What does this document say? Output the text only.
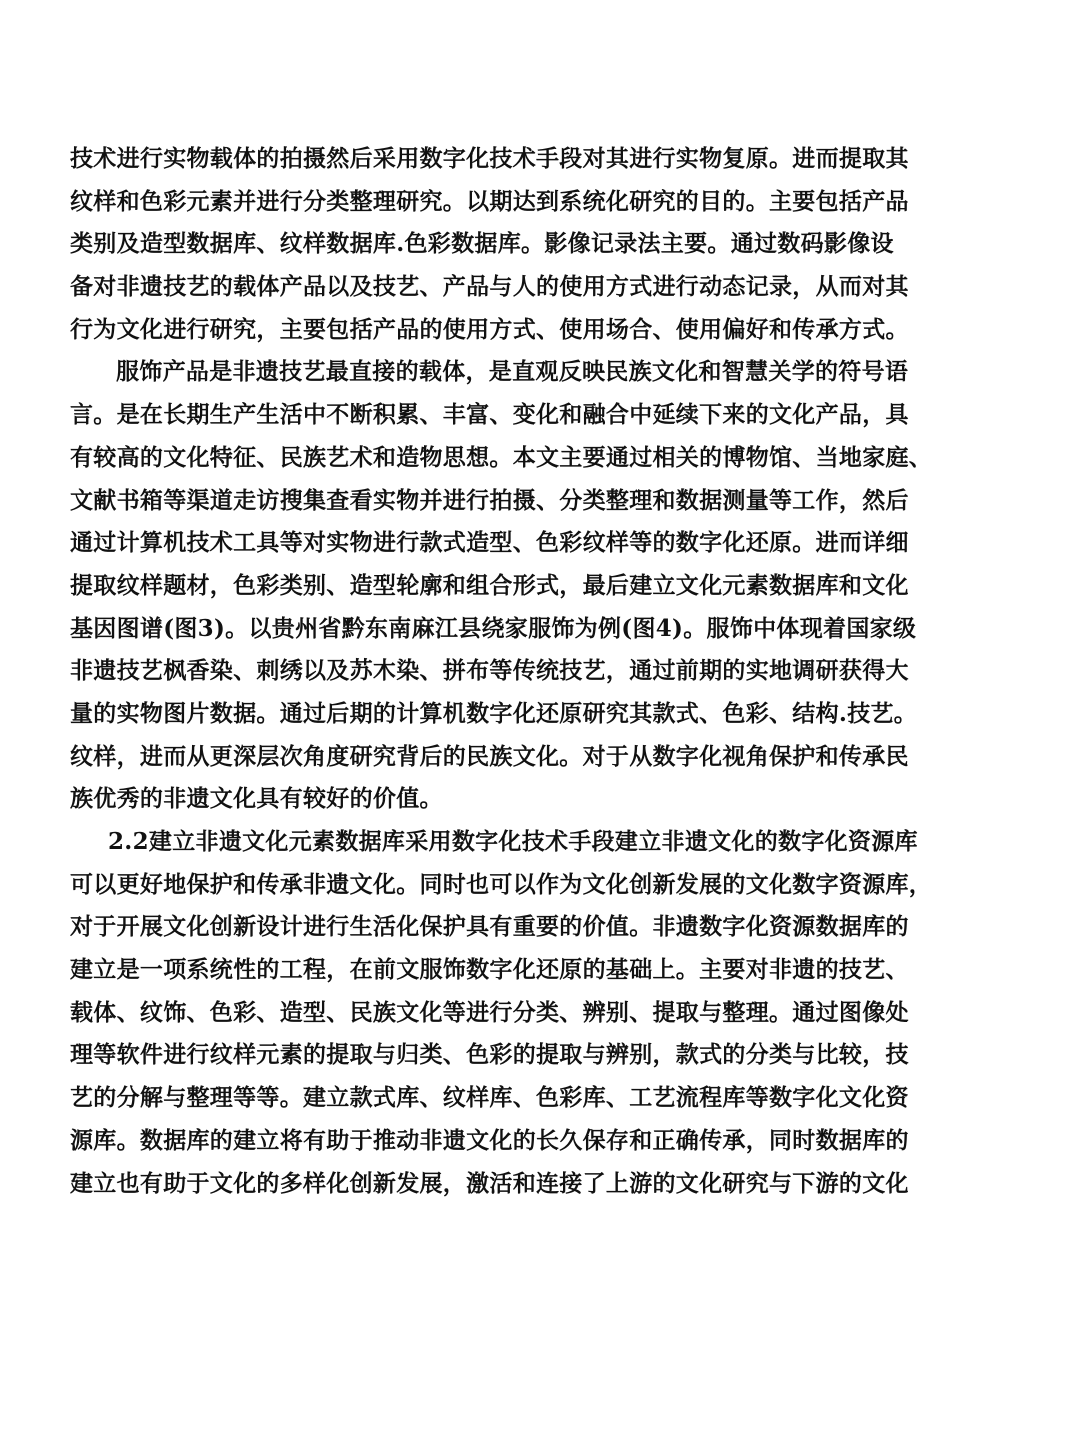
技术进行实物载体的拍摄然后采用数字化技术手段对其进行实物复原。进而提取其
纹样和色彩元素并进行分类整理研究。以期达到系统化研究的目的。主要包括产品
类别及造型数据库、纹样数据库.色彩数据库。影像记录法主要。通过数码影像设
备对非遗技艺的载体产品以及技艺、产品与人的使用方式进行动态记录，从而对其
行为文化进行研究，主要包括产品的使用方式、使用场合、使用偏好和传承方式。
服饰产品是非遗技艺最直接的载体，是直观反映民族文化和智慧关学的符号语
言。是在长期生产生活中不断积累、丰富、变化和融合中延续下来的文化产品，具
有较高的文化特征、民族艺术和造物思想。本文主要通过相关的博物馆、当地家庭、
文献书箱等渠道走访搜集查看实物并进行拍摄、分类整理和数据测量等工作，然后
通过计算机技术工具等对实物进行款式造型、色彩纹样等的数字化还原。进而详细
提取纹样题材，色彩类别、造型轮廓和组合形式，最后建立文化元素数据库和文化
基因图谱(图3)。以贵州省黔东南麻江县绕家服饰为例(图4)。服饰中体现着国家级
非遗技艺枫香染、刺绣以及苏木染、拼布等传统技艺，通过前期的实地调研获得大
量的实物图片数据。通过后期的计算机数字化还原研究其款式、色彩、结构.技艺。
纹样，进而从更深层次角度研究背后的民族文化。对于从数字化视角保护和传承民
族优秀的非遗文化具有较好的价值。
2.2建立非遗文化元素数据库采用数字化技术手段建立非遗文化的数字化资源库
可以更好地保护和传承非遗文化。同时也可以作为文化创新发展的文化数字资源库，
对于开展文化创新设计进行生活化保护具有重要的价值。非遗数字化资源数据库的
建立是一项系统性的工程，在前文服饰数字化还原的基础上。主要对非遗的技艺、
载体、纹饰、色彩、造型、民族文化等进行分类、辨别、提取与整理。通过图像处
理等软件进行纹样元素的提取与归类、色彩的提取与辨别，款式的分类与比较，技
艺的分解与整理等等。建立款式库、纹样库、色彩库、工艺流程库等数字化文化资
源库。数据库的建立将有助于推动非遗文化的长久保存和正确传承，同时数据库的
建立也有助于文化的多样化创新发展，激活和连接了上游的文化研究与下游的文化
